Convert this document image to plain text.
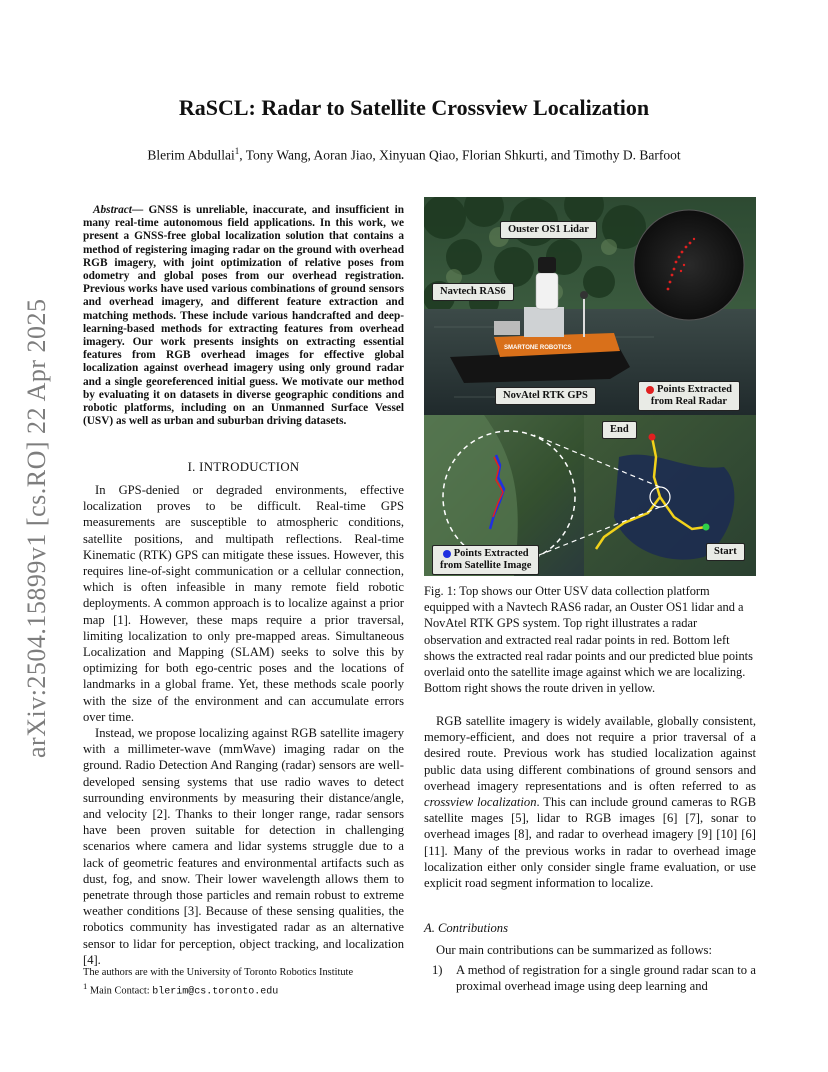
arXiv:2504.15899v1 [cs.RO] 22 Apr 2025
RaSCL: Radar to Satellite Crossview Localization
Blerim Abdullai$^1$, Tony Wang, Aoran Jiao, Xinyuan Qiao, Florian Shkurti, and Timothy D. Barfoot
Abstract— GNSS is unreliable, inaccurate, and insufficient in many real-time autonomous field applications. In this work, we present a GNSS-free global localization solution that contains a method of registering imaging radar on the ground with overhead RGB imagery, with joint optimization of relative poses from odometry and global poses from our overhead registration. Previous works have used various combinations of ground sensors and overhead imagery, and different feature extraction and matching methods. These include various handcrafted and deep-learning-based methods for extracting features from overhead imagery. Our work presents insights on extracting essential features from RGB overhead images for effective global localization against overhead imagery using only ground radar and a single georeferenced initial guess. We motivate our method by evaluating it on datasets in diverse geographic conditions and robotic platforms, including on an Unmanned Surface Vessel (USV) as well as urban and suburban driving datasets.
I. INTRODUCTION

In GPS-denied or degraded environments, effective localization proves to be difficult. Real-time GPS measurements are susceptible to atmospheric conditions, satellite positions, and multipath reflections. Real-time Kinematic (RTK) GPS can mitigate these issues. However, this requires line-of-sight communication or a cellular connection, which is often infeasible in many remote field robotic deployments. A common approach is to localize against a prior map [1]. However, these maps require a prior traversal, limiting localization to only pre-mapped areas. Simultaneous Localization and Mapping (SLAM) seeks to solve this by optimizing for both ego-centric poses and the locations of landmarks in a global frame. Yet, these methods scale poorly with the size of the environment and can accumulate errors over time.

Instead, we propose localizing against RGB satellite imagery with a millimeter-wave (mmWave) imaging radar on the ground. Radio Detection And Ranging (radar) sensors are well-developed sensing systems that use radio waves to detect surrounding environments by measuring their distance/angle, and velocity [2]. Thanks to their longer range, radar sensors have been proven suitable for detection in challenging scenarios where camera and lidar systems struggle due to a lack of geometric features and environmental artifacts such as dust, fog, and snow. Their lower wavelength allows them to penetrate through those particles and remain robust to extreme weather conditions [3]. Because of these sensing qualities, the robotics community has investigated radar as an alternative sensor to lidar for perception, object tracking, and localization [4].

The authors are with the University of Toronto Robotics Institute
$^1$ Main Contact: blerim@cs.toronto.edu
SMARTONE ROBOTICS
Ouster OS1 Lidar
Navtech RAS6
NovAtel RTK GPS
Points Extracted
from Real Radar
End
Start
Points Extracted
from Satellite Image
Fig. 1: Top shows our Otter USV data collection platform equipped with a Navtech RAS6 radar, an Ouster OS1 lidar and a NovAtel RTK GPS system. Top right illustrates a radar observation and extracted real radar points in red. Bottom left shows the extracted real radar points and our predicted blue points overlaid onto the satellite image against which we are localizing. Bottom right shows the route driven in yellow.

RGB satellite imagery is widely available, globally consistent, memory-efficient, and does not require a prior traversal of a desired route. Previous work has studied localization against public data using different combinations of ground sensors and overhead imagery representations and is often referred to as crossview localization. This can include ground cameras to RGB satellite mages [5], lidar to RGB images [6] [7], sonar to overhead images [8], and radar to overhead imagery [9] [10] [6] [11]. Many of the previous works in radar to overhead image localization either only consider single frame evaluation, or use explicit road segment information to localize.

A. Contributions
Our main contributions can be summarized as follows:
1) A method of registration for a single ground radar scan to a proximal overhead image using deep learning and
